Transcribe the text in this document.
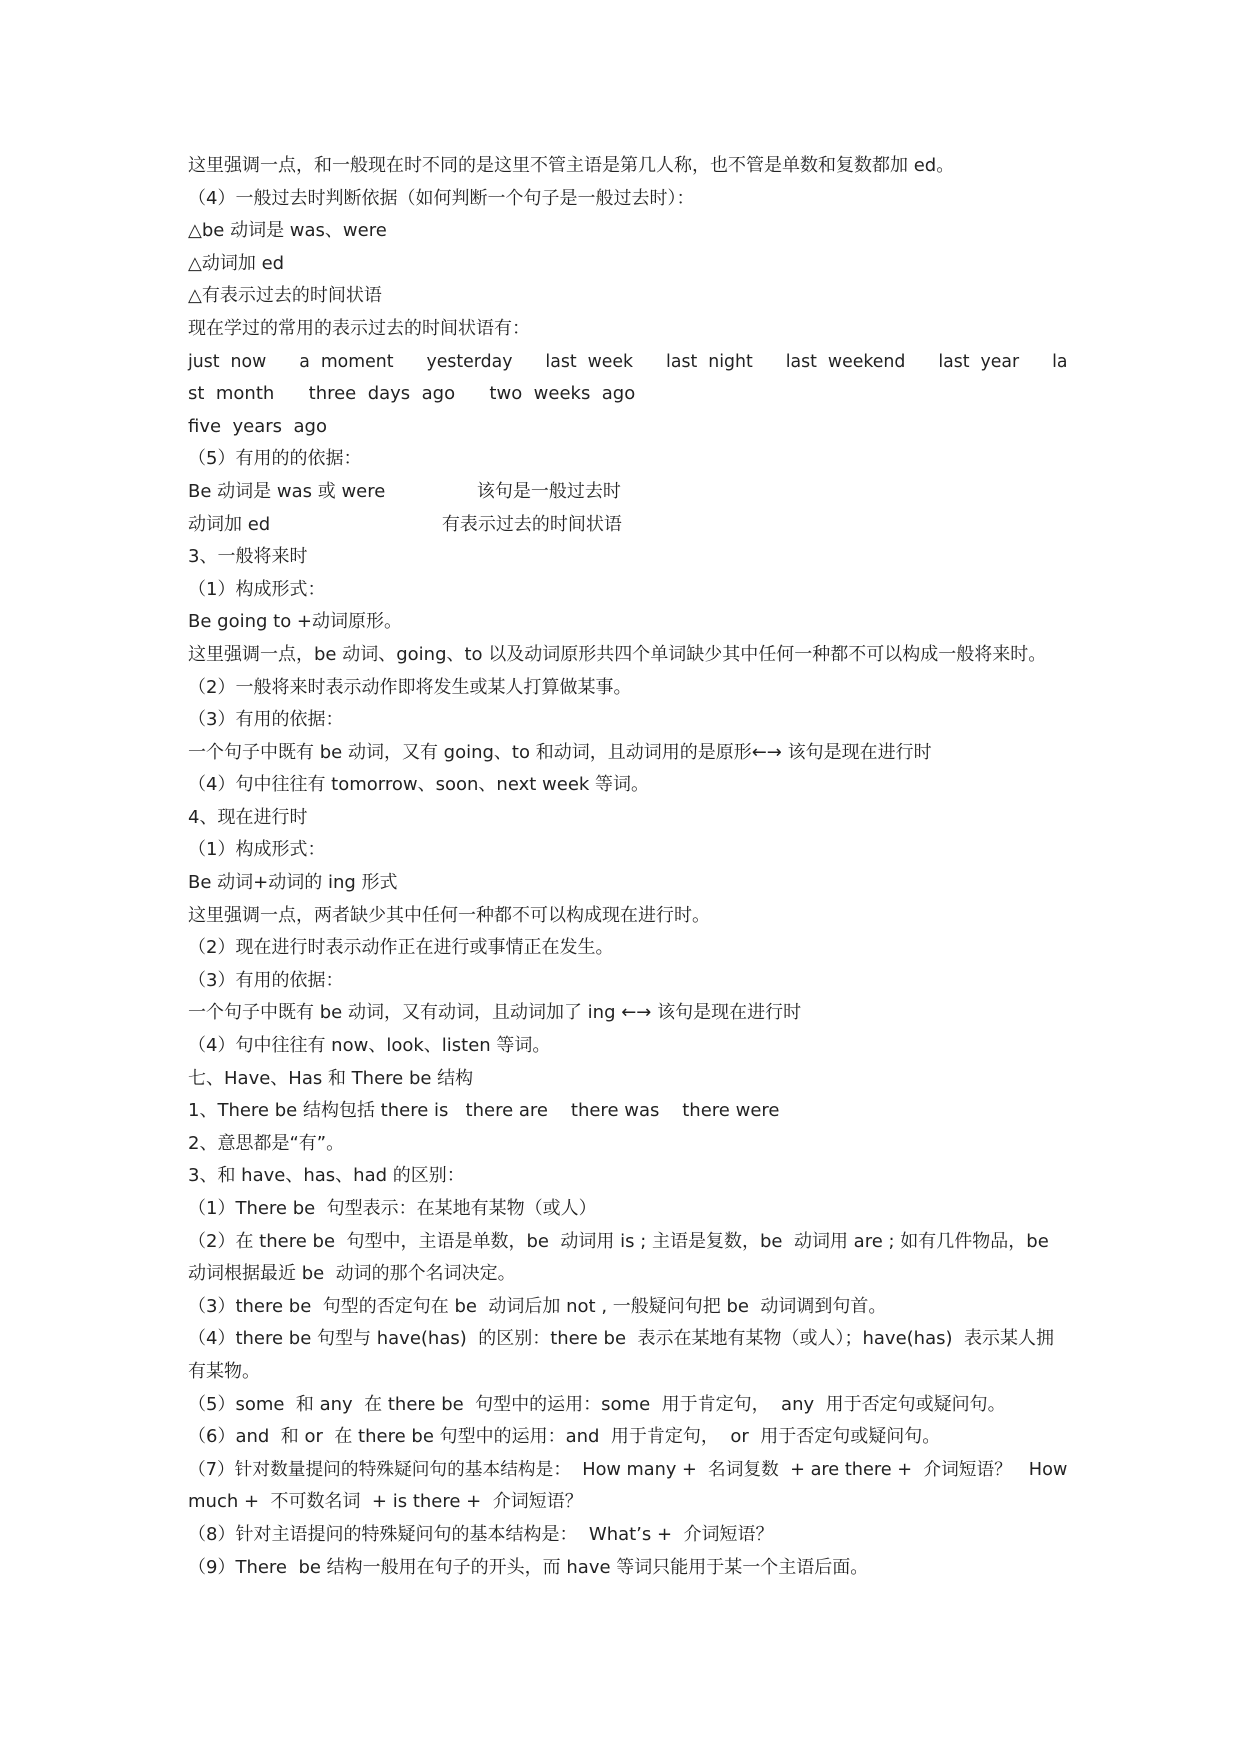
这里强调一点，和一般现在时不同的是这里不管主语是第几人称，也不管是单数和复数都加 ed。
（4）一般过去时判断依据（如何判断一个句子是一般过去时）：
△be 动词是 was、were
△动词加 ed
△有表示过去的时间状语
现在学过的常用的表示过去的时间状语有：
just  now      a  moment      yesterday      last  week      last  night      last  weekend      last  year      la
st  month      three  days  ago      two  weeks  ago
five  years  ago
（5）有用的的依据：
Be 动词是 was 或 were                该句是一般过去时
动词加 ed                              有表示过去的时间状语
3、一般将来时
（1）构成形式：
Be going to +动词原形。
这里强调一点，be 动词、going、to 以及动词原形共四个单词缺少其中任何一种都不可以构成一般将来时。
（2）一般将来时表示动作即将发生或某人打算做某事。
（3）有用的依据：
一个句子中既有 be 动词，又有 going、to 和动词，且动词用的是原形←→ 该句是现在进行时
（4）句中往往有 tomorrow、soon、next week 等词。
4、现在进行时
（1）构成形式：
Be 动词+动词的 ing 形式
这里强调一点，两者缺少其中任何一种都不可以构成现在进行时。
（2）现在进行时表示动作正在进行或事情正在发生。
（3）有用的依据：
一个句子中既有 be 动词，又有动词，且动词加了 ing ←→ 该句是现在进行时
（4）句中往往有 now、look、listen 等词。
七、Have、Has 和 There be 结构
1、There be 结构包括 there is   there are    there was    there were
2、意思都是“有”。
3、和 have、has、had 的区别：
（1）There be  句型表示：在某地有某物（或人）
（2）在 there be  句型中，主语是单数，be  动词用 is ; 主语是复数，be  动词用 are ; 如有几件物品，be
动词根据最近 be  动词的那个名词决定。
（3）there be  句型的否定句在 be  动词后加 not , 一般疑问句把 be  动词调到句首。
（4）there be 句型与 have(has)  的区别：there be  表示在某地有某物（或人）；have(has)  表示某人拥
有某物。
（5）some  和 any  在 there be  句型中的运用：some  用于肯定句，  any  用于否定句或疑问句。
（6）and  和 or  在 there be 句型中的运用：and  用于肯定句，  or  用于否定句或疑问句。
（7）针对数量提问的特殊疑问句的基本结构是：  How many +  名词复数  + are there +  介词短语？   How
much +  不可数名词  + is there +  介词短语？
（8）针对主语提问的特殊疑问句的基本结构是：  What’s +  介词短语？
（9）There  be 结构一般用在句子的开头，而 have 等词只能用于某一个主语后面。
